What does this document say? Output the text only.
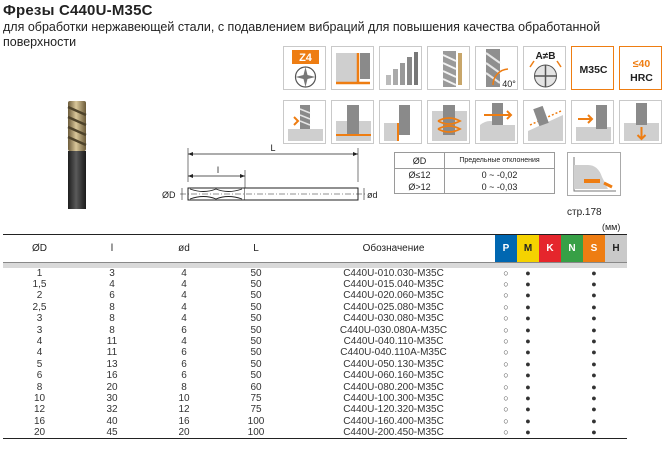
Фрезы C440U-M35C
для обработки нержавеющей стали, с подавлением вибраций для повышения качества обработанной поверхности
Z4
40°
A≠B
M35C ≤40
HRC
L
l
ØD	ød
ØD	Предельные отклонения
Ø≤12	0 ~ -0,02
Ø>12	0 ~ -0,03
стр.178
(мм)
ØD	l	ød	L	Обозначение	P	M	K	N	S	H

1	3	4	50	C440U-010.030-M35C	○	●			●	
1,5	4	4	50	C440U-015.040-M35C	○	●			●	
2	6	4	50	C440U-020.060-M35C	○	●			●	
2,5	8	4	50	C440U-025.080-M35C	○	●			●	
3	8	4	50	C440U-030.080-M35C	○	●			●	
3	8	6	50	C440U-030.080A-M35C	○	●			●	
4	11	4	50	C440U-040.110-M35C	○	●			●	
4	11	6	50	C440U-040.110A-M35C	○	●			●	
5	13	6	50	C440U-050.130-M35C	○	●			●	
6	16	6	50	C440U-060.160-M35C	○	●			●	
8	20	8	60	C440U-080.200-M35C	○	●			●	
10	30	10	75	C440U-100.300-M35C	○	●			●	
12	32	12	75	C440U-120.320-M35C	○	●			●	
16	40	16	100	C440U-160.400-M35C	○	●			●	
20	45	20	100	C440U-200.450-M35C	○	●			●	
